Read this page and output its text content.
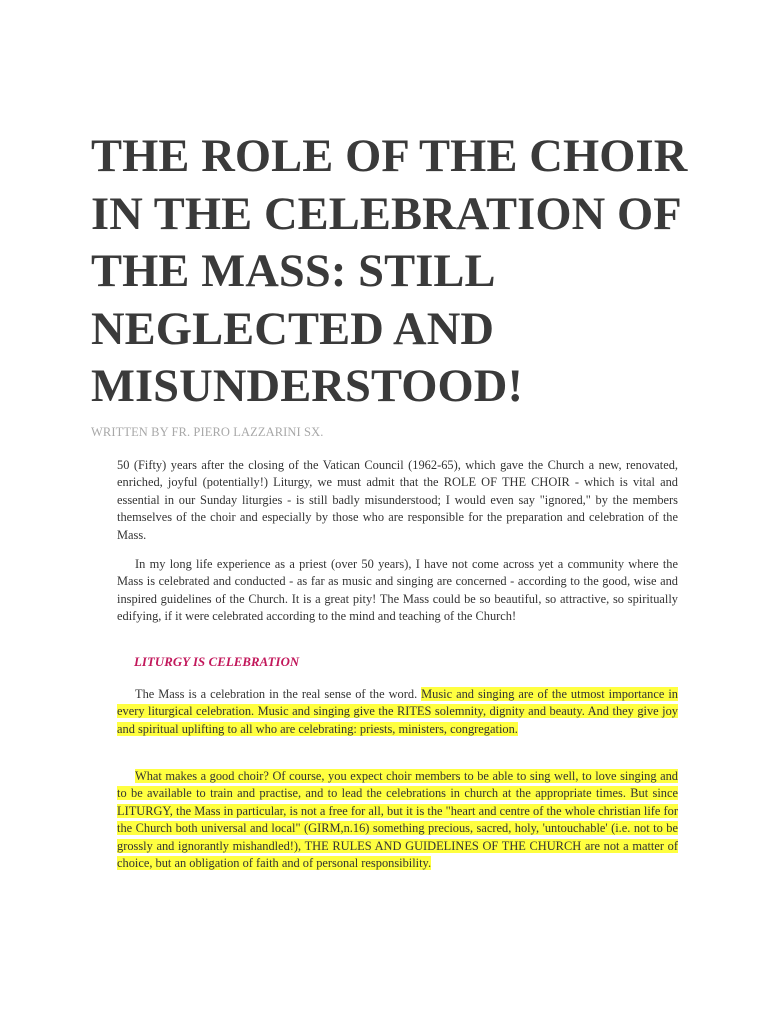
THE ROLE OF THE CHOIR IN THE CELEBRATION OF THE MASS: STILL NEGLECTED AND MISUNDERSTOOD!

WRITTEN BY FR. PIERO LAZZARINI SX.

50 (Fifty) years after the closing of the Vatican Council (1962-65), which gave the Church a new, renovated, enriched, joyful (potentially!) Liturgy, we must admit that the ROLE OF THE CHOIR - which is vital and essential in our Sunday liturgies - is still badly misunderstood; I would even say "ignored," by the members themselves of the choir and especially by those who are responsible for the preparation and celebration of the Mass.

In my long life experience as a priest (over 50 years), I have not come across yet a community where the Mass is celebrated and conducted - as far as music and singing are concerned - according to the good, wise and inspired guidelines of the Church. It is a great pity! The Mass could be so beautiful, so attractive, so spiritually edifying, if it were celebrated according to the mind and teaching of the Church!

LITURGY IS CELEBRATION

The Mass is a celebration in the real sense of the word. Music and singing are of the utmost importance in every liturgical celebration. Music and singing give the RITES solemnity, dignity and beauty. And they give joy and spiritual uplifting to all who are celebrating: priests, ministers, congregation.

What makes a good choir? Of course, you expect choir members to be able to sing well, to love singing and to be available to train and practise, and to lead the celebrations in church at the appropriate times. But since LITURGY, the Mass in particular, is not a free for all, but it is the "heart and centre of the whole christian life for the Church both universal and local" (GIRM,n.16) something precious, sacred, holy, 'untouchable' (i.e. not to be grossly and ignorantly mishandled!), THE RULES AND GUIDELINES OF THE CHURCH are not a matter of choice, but an obligation of faith and of personal responsibility.
